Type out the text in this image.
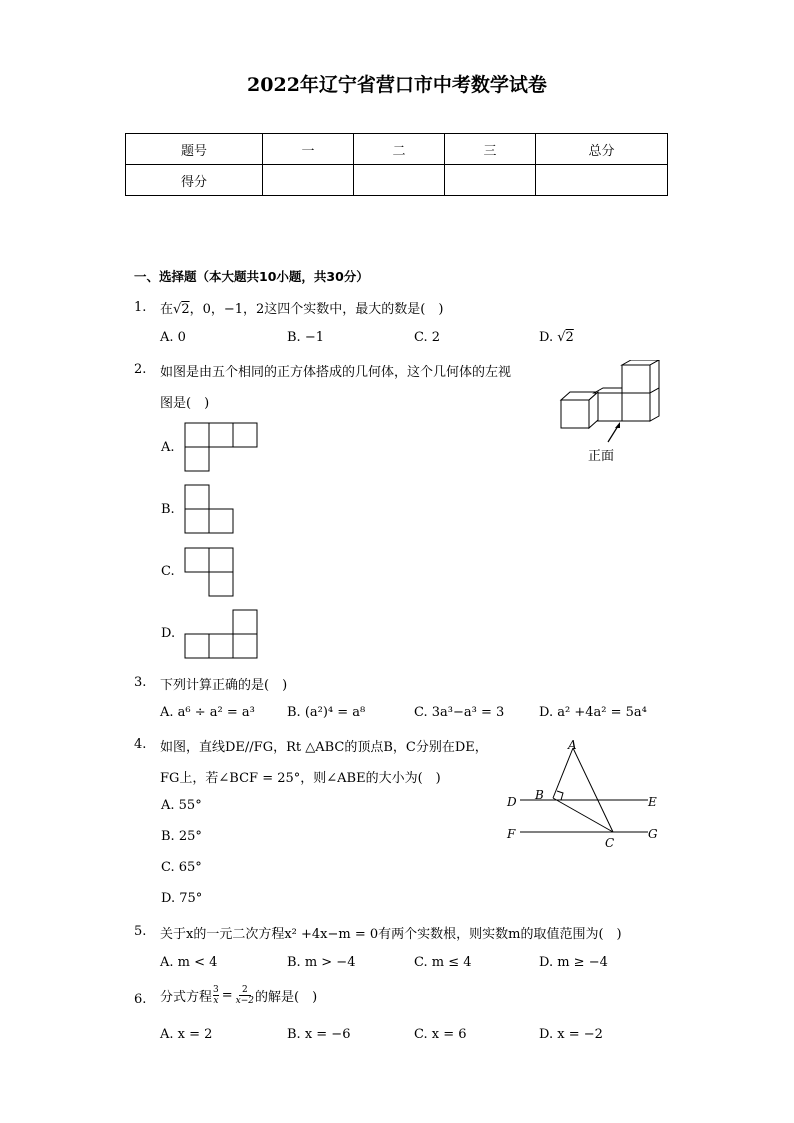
2022年辽宁省营口市中考数学试卷
题号	一	二	三	总分
得分				
一、选择题（本大题共10小题，共30分）
1. 在√2，0，−1，2这四个实数中，最大的数是(　)
A. 0	B. −1	C. 2	D. √2
2. 如图是由五个相同的正方体搭成的几何体，这个几何体的左视
图是(　)
正面
A.
B.
C.
D.
3. 下列计算正确的是(　)
A. a⁶ ÷ a² = a³ B. (a²)⁴ = a⁸	C. 3a³−a³ = 3	D. a² +4a² = 5a⁴
4. 如图，直线DE//FG，Rt △ABC的顶点B，C分别在DE，
FG上，若∠BCF = 25°，则∠ABE的大小为(　)
A. 55°
B. 25°
C. 65°
D. 75°
A
B
C
D	E
F	G
5. 关于x的一元二次方程x² +4x−m = 0有两个实数根，则实数m的取值范围为(　)
A. m < 4	B. m > −4	C. m ≤ 4	D. m ≥ −4
6. 分式方程 $\frac{3}{x} = \frac{2}{x-2}$ 的解是(　)
A. x = 2	B. x = −6	C. x = 6	D. x = −2
